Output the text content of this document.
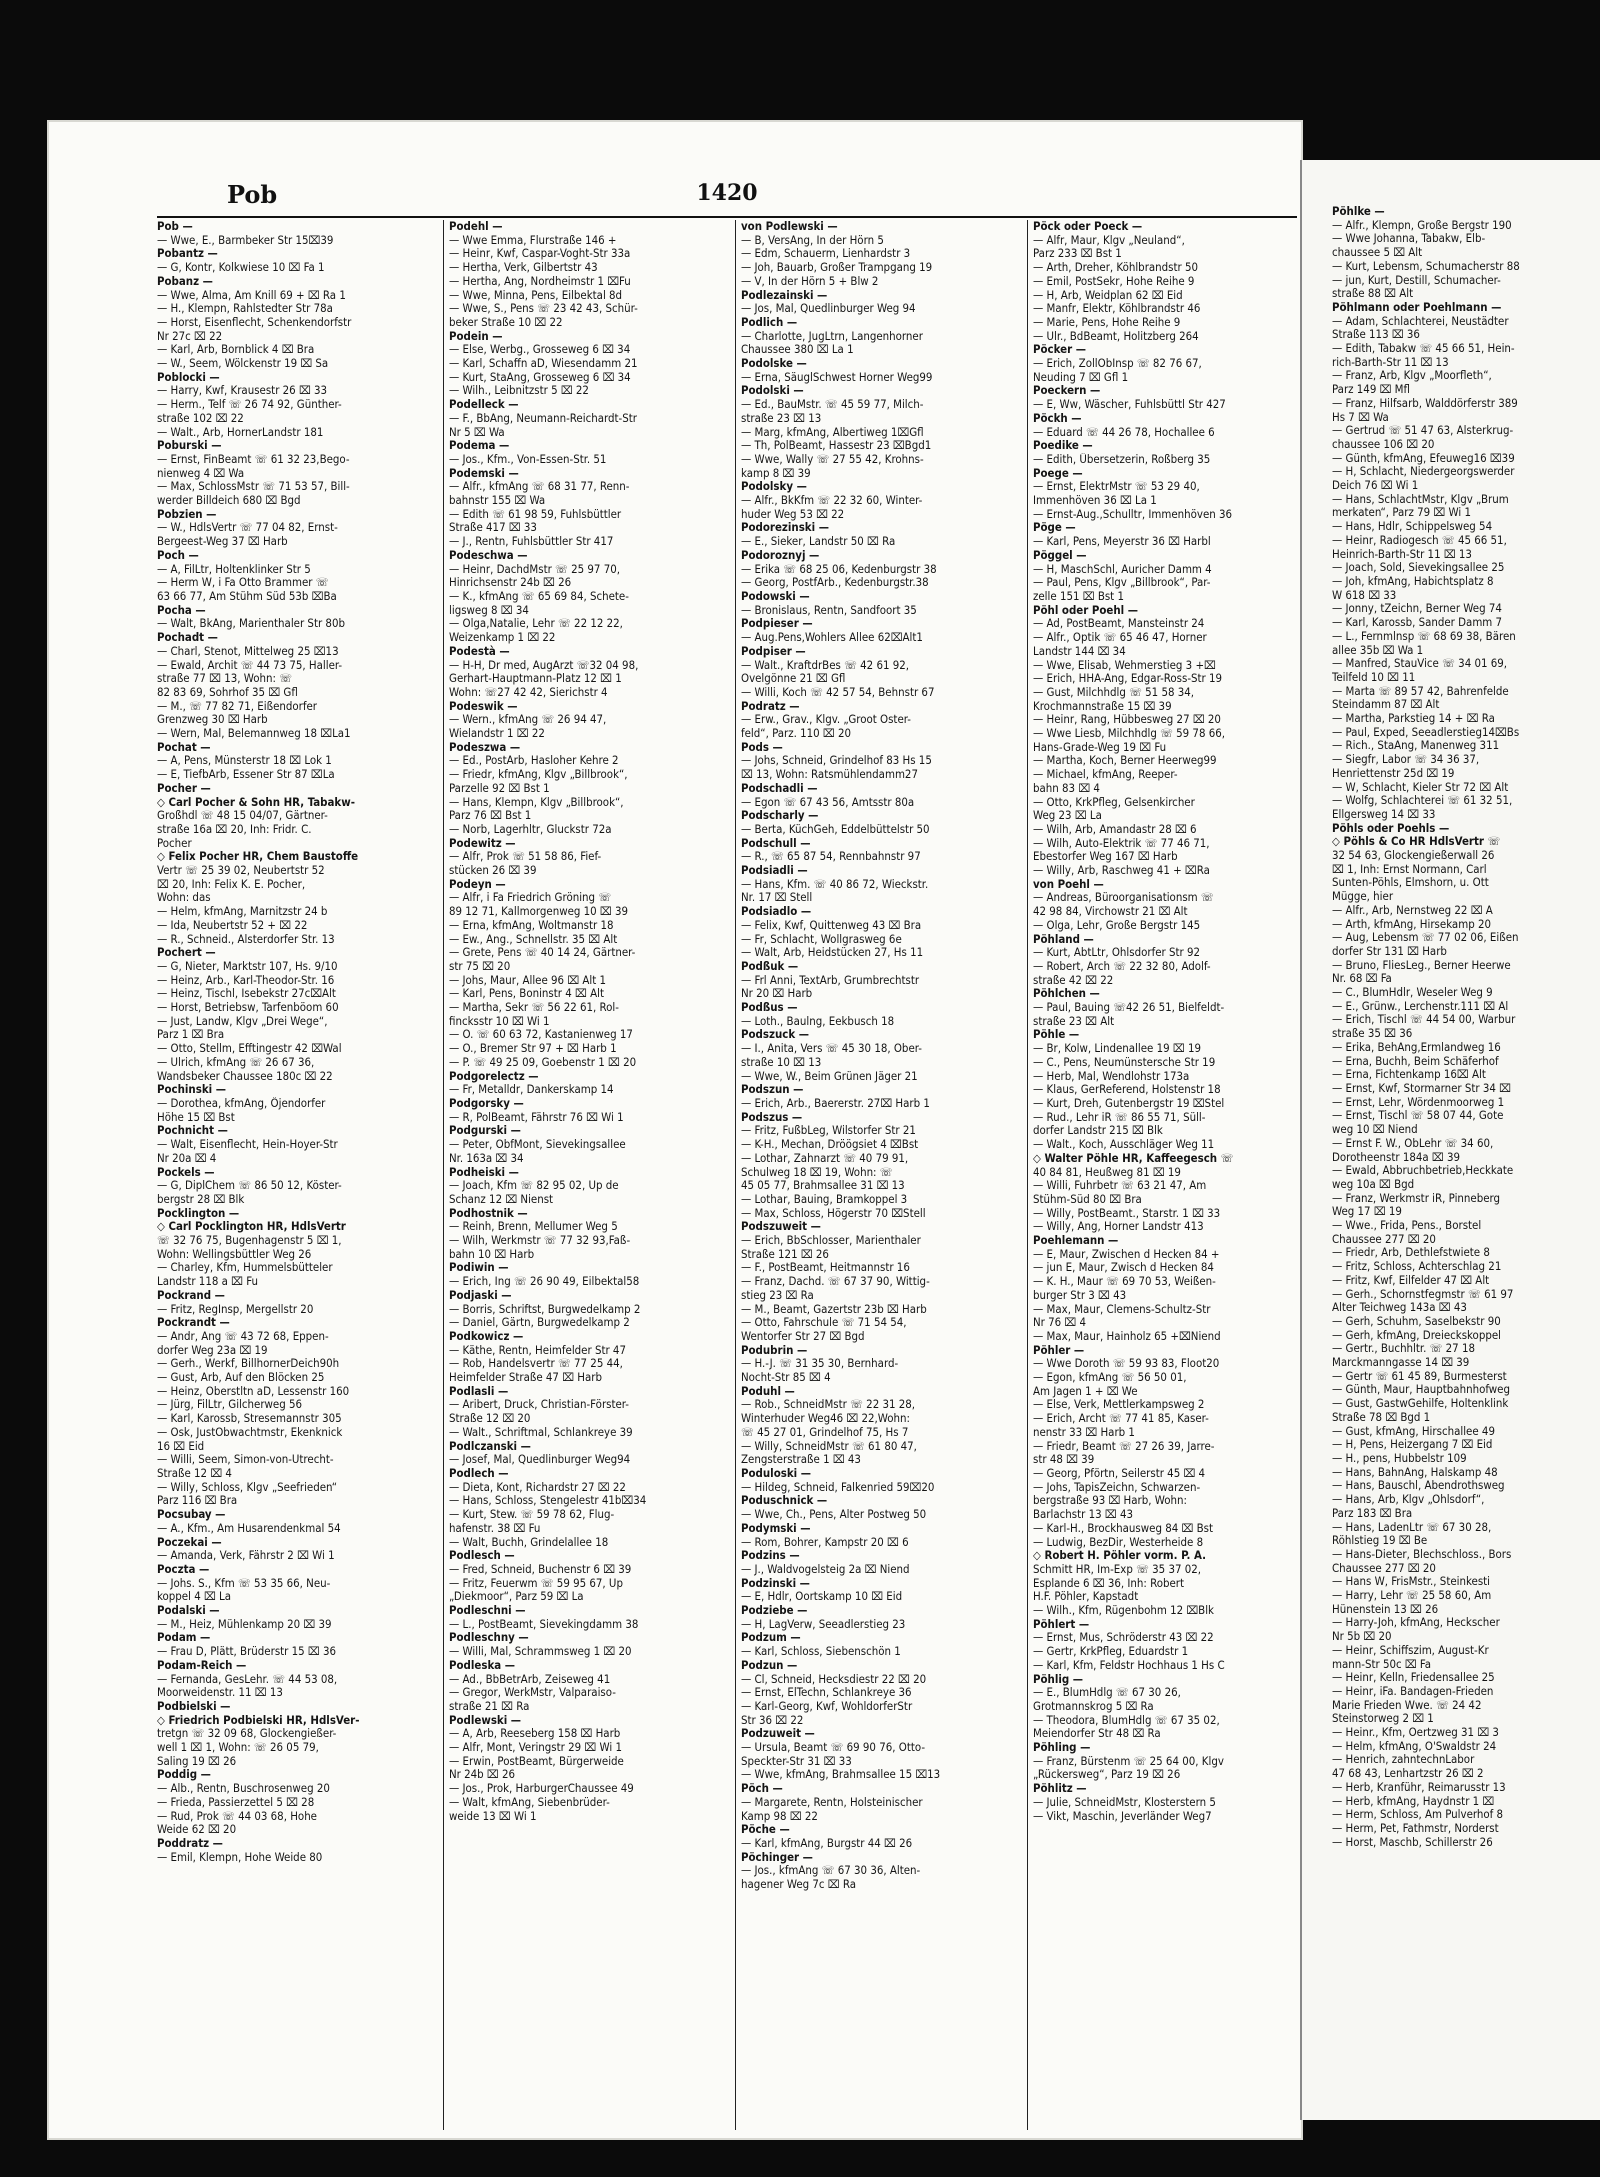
Pob	1420
Pob —
— Wwe, E., Barmbeker Str 15⌧39
Pobantz —
— G, Kontr, Kolkwiese 10 ⌧ Fa 1
Pobanz —
— Wwe, Alma, Am Knill 69 + ⌧ Ra 1
— H., Klempn, Rahlstedter Str 78a
— Horst, Eisenflecht, Schenkendorfstr
Nr 27c ⌧ 22
— Karl, Arb, Bornblick 4 ⌧ Bra
— W., Seem, Wölckenstr 19 ⌧ Sa
Poblocki —
— Harry, Kwf, Krausestr 26 ⌧ 33
— Herm., Telf ☏ 26 74 92, Günther-
straße 102 ⌧ 22
— Walt., Arb, HornerLandstr 181
Poburski —
— Ernst, FinBeamt ☏ 61 32 23,Bego-
nienweg 4 ⌧ Wa
— Max, SchlossMstr ☏ 71 53 57, Bill-
werder Billdeich 680 ⌧ Bgd
Pobzien —
— W., HdlsVertr ☏ 77 04 82, Ernst-
Bergeest-Weg 37 ⌧ Harb
Poch —
— A, FilLtr, Holtenklinker Str 5
— Herm W, i Fa Otto Brammer ☏
63 66 77, Am Stühm Süd 53b ⌧Ba
Pocha —
— Walt, BkAng, Marienthaler Str 80b
Pochadt —
— Charl, Stenot, Mittelweg 25 ⌧13
— Ewald, Archit ☏ 44 73 75, Haller-
straße 77 ⌧ 13, Wohn: ☏
82 83 69, Sohrhof 35 ⌧ Gfl
— M., ☏ 77 82 71, Eißendorfer
Grenzweg 30 ⌧ Harb
— Wern, Mal, Belemannweg 18 ⌧La1
Pochat —
— A, Pens, Münsterstr 18 ⌧ Lok 1
— E, TiefbArb, Essener Str 87 ⌧La
Pocher —
◇ Carl Pocher & Sohn HR, Tabakw-
Großhdl ☏ 48 15 04/07, Gärtner-
straße 16a ⌧ 20, Inh: Fridr. C.
Pocher
◇ Felix Pocher HR, Chem Baustoffe
Vertr ☏ 25 39 02, Neubertstr 52
⌧ 20, Inh: Felix K. E. Pocher,
Wohn: das
— Helm, kfmAng, Marnitzstr 24 b
— Ida, Neubertstr 52 + ⌧ 22
— R., Schneid., Alsterdorfer Str. 13
Pochert —
— G, Nieter, Marktstr 107, Hs. 9/10
— Heinz, Arb., Karl-Theodor-Str. 16
— Heinz, Tischl, Isebekstr 27c⌧Alt
— Horst, Betriebsw, Tarfenböom 60
— Just, Landw, Klgv „Drei Wege“,
Parz 1 ⌧ Bra
— Otto, Stellm, Efftingestr 42 ⌧Wal
— Ulrich, kfmAng ☏ 26 67 36,
Wandsbeker Chaussee 180c ⌧ 22
Pochinski —
— Dorothea, kfmAng, Öjendorfer
Höhe 15 ⌧ Bst
Pochnicht —
— Walt, Eisenflecht, Hein-Hoyer-Str
Nr 20a ⌧ 4
Pockels —
— G, DiplChem ☏ 86 50 12, Köster-
bergstr 28 ⌧ Blk
Pocklington —
◇ Carl Pocklington HR, HdlsVertr
☏ 32 76 75, Bugenhagenstr 5 ⌧ 1,
Wohn: Wellingsbüttler Weg 26
— Charley, Kfm, Hummelsbütteler
Landstr 118 a ⌧ Fu
Pockrand —
— Fritz, RegInsp, Mergellstr 20
Pockrandt —
— Andr, Ang ☏ 43 72 68, Eppen-
dorfer Weg 23a ⌧ 19
— Gerh., Werkf, BillhornerDeich90h
— Gust, Arb, Auf den Blöcken 25
— Heinz, Oberstltn aD, Lessenstr 160
— Jürg, FilLtr, Gilcherweg 56
— Karl, Karossb, Stresemannstr 305
— Osk, JustObwachtmstr, Ekenknick
16 ⌧ Eid
— Willi, Seem, Simon-von-Utrecht-
Straße 12 ⌧ 4
— Willy, Schloss, Klgv „Seefrieden“
Parz 116 ⌧ Bra
Pocsubay —
— A., Kfm., Am Husarendenkmal 54
Poczekai —
— Amanda, Verk, Fährstr 2 ⌧ Wi 1
Poczta —
— Johs. S., Kfm ☏ 53 35 66, Neu-
koppel 4 ⌧ La
Podalski —
— M., Heiz, Mühlenkamp 20 ⌧ 39
Podam —
— Frau D, Plätt, Brüderstr 15 ⌧ 36
Podam-Reich —
— Fernanda, GesLehr. ☏ 44 53 08,
Moorweidenstr. 11 ⌧ 13
Podbielski —
◇ Friedrich Podbielski HR, HdlsVer-
tretgn ☏ 32 09 68, Glockengießer-
well 1 ⌧ 1, Wohn: ☏ 26 05 79,
Saling 19 ⌧ 26
Poddig —
— Alb., Rentn, Buschrosenweg 20
— Frieda, Passierzettel 5 ⌧ 28
— Rud, Prok ☏ 44 03 68, Hohe
Weide 62 ⌧ 20
Poddratz —
— Emil, Klempn, Hohe Weide 80
Podehl —
— Wwe Emma, Flurstraße 146 +
— Heinr, Kwf, Caspar-Voght-Str 33a
— Hertha, Verk, Gilbertstr 43
— Hertha, Ang, Nordheimstr 1 ⌧Fu
— Wwe, Minna, Pens, Eilbektal 8d
— Wwe, S., Pens ☏ 23 42 43, Schür-
beker Straße 10 ⌧ 22
Podein —
— Else, Werbg., Grosseweg 6 ⌧ 34
— Karl, Schaffn aD, Wiesendamm 21
— Kurt, StaAng, Grosseweg 6 ⌧ 34
— Wilh., Leibnitzstr 5 ⌧ 22
Podelleck —
— F., BbAng, Neumann-Reichardt-Str
Nr 5 ⌧ Wa
Podema —
— Jos., Kfm., Von-Essen-Str. 51
Podemski —
— Alfr., kfmAng ☏ 68 31 77, Renn-
bahnstr 155 ⌧ Wa
— Edith ☏ 61 98 59, Fuhlsbüttler
Straße 417 ⌧ 33
— J., Rentn, Fuhlsbüttler Str 417
Podeschwa —
— Heinr, DachdMstr ☏ 25 97 70,
Hinrichsenstr 24b ⌧ 26
— K., kfmAng ☏ 65 69 84, Schete-
ligsweg 8 ⌧ 34
— Olga,Natalie, Lehr ☏ 22 12 22,
Weizenkamp 1 ⌧ 22
Podestà —
— H-H, Dr med, AugArzt ☏32 04 98,
Gerhart-Hauptmann-Platz 12 ⌧ 1
Wohn: ☏27 42 42, Sierichstr 4
Podeswik —
— Wern., kfmAng ☏ 26 94 47,
Wielandstr 1 ⌧ 22
Podeszwa —
— Ed., PostArb, Hasloher Kehre 2
— Friedr, kfmAng, Klgv „Billbrook“,
Parzelle 92 ⌧ Bst 1
— Hans, Klempn, Klgv „Billbrook“,
Parz 76 ⌧ Bst 1
— Norb, Lagerhltr, Gluckstr 72a
Podewitz —
— Alfr, Prok ☏ 51 58 86, Fief-
stücken 26 ⌧ 39
Podeyn —
— Alfr, i Fa Friedrich Gröning ☏
89 12 71, Kallmorgenweg 10 ⌧ 39
— Erna, kfmAng, Woltmanstr 18
— Ew., Ang., Schnellstr. 35 ⌧ Alt
— Grete, Pens ☏ 40 14 24, Gärtner-
str 75 ⌧ 20
— Johs, Maur, Allee 96 ⌧ Alt 1
— Karl, Pens, Boninstr 4 ⌧ Alt
— Martha, Sekr ☏ 56 22 61, Rol-
fincksstr 10 ⌧ Wi 1
— O. ☏ 60 63 72, Kastanienweg 17
— O., Bremer Str 97 + ⌧ Harb 1
— P. ☏ 49 25 09, Goebenstr 1 ⌧ 20
Podgorelectz —
— Fr, Metalldr, Dankerskamp 14
Podgorsky —
— R, PolBeamt, Fährstr 76 ⌧ Wi 1
Podgurski —
— Peter, ObfMont, Sievekingsallee
Nr. 163a ⌧ 34
Podheiski —
— Joach, Kfm ☏ 82 95 02, Up de
Schanz 12 ⌧ Nienst
Podhostnik —
— Reinh, Brenn, Mellumer Weg 5
— Wilh, Werkmstr ☏ 77 32 93,Faß-
bahn 10 ⌧ Harb
Podiwin —
— Erich, Ing ☏ 26 90 49, Eilbektal58
Podjaski —
— Borris, Schriftst, Burgwedelkamp 2
— Daniel, Gärtn, Burgwedelkamp 2
Podkowicz —
— Käthe, Rentn, Heimfelder Str 47
— Rob, Handelsvertr ☏ 77 25 44,
Heimfelder Straße 47 ⌧ Harb
Podlasli —
— Aribert, Druck, Christian-Förster-
Straße 12 ⌧ 20
— Walt., Schriftmal, Schlankreye 39
Podlczanski —
— Josef, Mal, Quedlinburger Weg94
Podlech —
— Dieta, Kont, Richardstr 27 ⌧ 22
— Hans, Schloss, Stengelestr 41b⌧34
— Kurt, Stew. ☏ 59 78 62, Flug-
hafenstr. 38 ⌧ Fu
— Walt, Buchh, Grindelallee 18
Podlesch —
— Fred, Schneid, Buchenstr 6 ⌧ 39
— Fritz, Feuerwm ☏ 59 95 67, Up
„Diekmoor“, Parz 59 ⌧ La
Podleschni —
— L., PostBeamt, Sievekingdamm 38
Podleschny —
— Willi, Mal, Schrammsweg 1 ⌧ 20
Podleska —
— Ad., BbBetrArb, Zeiseweg 41
— Gregor, WerkMstr, Valparaiso-
straße 21 ⌧ Ra
Podlewski —
— A, Arb, Reeseberg 158 ⌧ Harb
— Alfr, Mont, Veringstr 29 ⌧ Wi 1
— Erwin, PostBeamt, Bürgerweide
Nr 24b ⌧ 26
— Jos., Prok, HarburgerChaussee 49
— Walt, kfmAng, Siebenbrüder-
weide 13 ⌧ Wi 1
von Podlewski —
— B, VersAng, In der Hörn 5
— Edm, Schauerm, Lienhardstr 3
— Joh, Bauarb, Großer Trampgang 19
— V, In der Hörn 5 + Blw 2
Podlezainski —
— Jos, Mal, Quedlinburger Weg 94
Podlich —
— Charlotte, JugLtrn, Langenhorner
Chaussee 380 ⌧ La 1
Podolske —
— Erna, SäuglSchwest Horner Weg99
Podolski —
— Ed., BauMstr. ☏ 45 59 77, Milch-
straße 23 ⌧ 13
— Marg, kfmAng, Albertiweg 1⌧Gfl
— Th, PolBeamt, Hassestr 23 ⌧Bgd1
— Wwe, Wally ☏ 27 55 42, Krohns-
kamp 8 ⌧ 39
Podolsky —
— Alfr., BkKfm ☏ 22 32 60, Winter-
huder Weg 53 ⌧ 22
Podorezinski —
— E., Sieker, Landstr 50 ⌧ Ra
Podoroznyj —
— Erika ☏ 68 25 06, Kedenburgstr 38
— Georg, PostfArb., Kedenburgstr.38
Podowski —
— Bronislaus, Rentn, Sandfoort 35
Podpieser —
— Aug.Pens,Wohlers Allee 62⌧Alt1
Podpiser —
— Walt., KraftdrBes ☏ 42 61 92,
Ovelgönne 21 ⌧ Gfl
— Willi, Koch ☏ 42 57 54, Behnstr 67
Podratz —
— Erw., Grav., Klgv. „Groot Oster-
feld“, Parz. 110 ⌧ 20
Pods —
— Johs, Schneid, Grindelhof 83 Hs 15
⌧ 13, Wohn: Ratsmühlendamm27
Podschadli —
— Egon ☏ 67 43 56, Amtsstr 80a
Podscharly —
— Berta, KüchGeh, Eddelbüttelstr 50
Podschull —
— R., ☏ 65 87 54, Rennbahnstr 97
Podsiadli —
— Hans, Kfm. ☏ 40 86 72, Wieckstr.
Nr. 17 ⌧ Stell
Podsiadlo —
— Felix, Kwf, Quittenweg 43 ⌧ Bra
— Fr, Schlacht, Wollgrasweg 6e
— Walt, Arb, Heidstücken 27, Hs 11
Podßuk —
— Frl Anni, TextArb, Grumbrechtstr
Nr 20 ⌧ Harb
Podßus —
— Loth., Baulng, Eekbusch 18
Podszuck —
— I., Anita, Vers ☏ 45 30 18, Ober-
straße 10 ⌧ 13
— Wwe, W., Beim Grünen Jäger 21
Podszun —
— Erich, Arb., Baererstr. 27⌧ Harb 1
Podszus —
— Fritz, FußbLeg, Wilstorfer Str 21
— K-H., Mechan, Dröögsiet 4 ⌧Bst
— Lothar, Zahnarzt ☏ 40 79 91,
Schulweg 18 ⌧ 19, Wohn: ☏
45 05 77, Brahmsallee 31 ⌧ 13
— Lothar, Bauing, Bramkoppel 3
— Max, Schloss, Högerstr 70 ⌧Stell
Podszuweit —
— Erich, BbSchlosser, Marienthaler
Straße 121 ⌧ 26
— F., PostBeamt, Heitmannstr 16
— Franz, Dachd. ☏ 67 37 90, Wittig-
stieg 23 ⌧ Ra
— M., Beamt, Gazertstr 23b ⌧ Harb
— Otto, Fahrschule ☏ 71 54 54,
Wentorfer Str 27 ⌧ Bgd
Podubrin —
— H.-J. ☏ 31 35 30, Bernhard-
Nocht-Str 85 ⌧ 4
Poduhl —
— Rob., SchneidMstr ☏ 22 31 28,
Winterhuder Weg46 ⌧ 22,Wohn:
☏ 45 27 01, Grindelhof 75, Hs 7
— Willy, SchneidMstr ☏ 61 80 47,
Zengsterstraße 1 ⌧ 43
Poduloski —
— Hildeg, Schneid, Falkenried 59⌧20
Poduschnick —
— Wwe, Ch., Pens, Alter Postweg 50
Podymski —
— Rom, Bohrer, Kampstr 20 ⌧ 6
Podzins —
— J., Waldvogelsteig 2a ⌧ Niend
Podzinski —
— E, Hdlr, Oortskamp 10 ⌧ Eid
Podziebe —
— H, LagVerw, Seeadlerstieg 23
Podzum —
— Karl, Schloss, Siebenschön 1
Podzun —
— Cl, Schneid, Hecksdiestr 22 ⌧ 20
— Ernst, ElTechn, Schlankreye 36
— Karl-Georg, Kwf, WohldorferStr
Str 36 ⌧ 22
Podzuweit —
— Ursula, Beamt ☏ 69 90 76, Otto-
Speckter-Str 31 ⌧ 33
— Wwe, kfmAng, Brahmsallee 15 ⌧13
Pöch —
— Margarete, Rentn, Holsteinischer
Kamp 98 ⌧ 22
Pöche —
— Karl, kfmAng, Burgstr 44 ⌧ 26
Pöchinger —
— Jos., kfmAng ☏ 67 30 36, Alten-
hagener Weg 7c ⌧ Ra
Pöck oder Poeck —
— Alfr, Maur, Klgv „Neuland“,
Parz 233 ⌧ Bst 1
— Arth, Dreher, Köhlbrandstr 50
— Emil, PostSekr, Hohe Reihe 9
— H, Arb, Weidplan 62 ⌧ Eid
— Manfr, Elektr, Köhlbrandstr 46
— Marie, Pens, Hohe Reihe 9
— Ulr., BdBeamt, Holitzberg 264
Pöcker —
— Erich, ZollObInsp ☏ 82 76 67,
Neuding 7 ⌧ Gfl 1
Poeckern —
— E, Ww, Wäscher, Fuhlsbüttl Str 427
Pöckh —
— Eduard ☏ 44 26 78, Hochallee 6
Poedike —
— Edith, Übersetzerin, Roßberg 35
Poege —
— Ernst, ElektrMstr ☏ 53 29 40,
Immenhöven 36 ⌧ La 1
— Ernst-Aug.,Schulltr, Immenhöven 36
Pöge —
— Karl, Pens, Meyerstr 36 ⌧ Harbl
Pöggel —
— H, MaschSchl, Auricher Damm 4
— Paul, Pens, Klgv „Billbrook“, Par-
zelle 151 ⌧ Bst 1
Pöhl oder Poehl —
— Ad, PostBeamt, Mansteinstr 24
— Alfr., Optik ☏ 65 46 47, Horner
Landstr 144 ⌧ 34
— Wwe, Elisab, Wehmerstieg 3 +⌧
— Erich, HHA-Ang, Edgar-Ross-Str 19
— Gust, Milchhdlg ☏ 51 58 34,
Krochmannstraße 15 ⌧ 39
— Heinr, Rang, Hübbesweg 27 ⌧ 20
— Wwe Liesb, Milchhdlg ☏ 59 78 66,
Hans-Grade-Weg 19 ⌧ Fu
— Martha, Koch, Berner Heerweg99
— Michael, kfmAng, Reeper-
bahn 83 ⌧ 4
— Otto, KrkPfleg, Gelsenkircher
Weg 23 ⌧ La
— Wilh, Arb, Amandastr 28 ⌧ 6
— Wilh, Auto-Elektrik ☏ 77 46 71,
Ebestorfer Weg 167 ⌧ Harb
— Willy, Arb, Raschweg 41 + ⌧Ra
von Poehl —
— Andreas, Büroorganisationsm ☏
42 98 84, Virchowstr 21 ⌧ Alt
— Olga, Lehr, Große Bergstr 145
Pöhland —
— Kurt, AbtLtr, Ohlsdorfer Str 92
— Robert, Arch ☏ 22 32 80, Adolf-
straße 42 ⌧ 22
Pöhlchen —
— Paul, Bauing ☏42 26 51, Bielfeldt-
straße 23 ⌧ Alt
Pöhle —
— Br, Kolw, Lindenallee 19 ⌧ 19
— C., Pens, Neumünstersche Str 19
— Herb, Mal, Wendlohstr 173a
— Klaus, GerReferend, Holstenstr 18
— Kurt, Dreh, Gutenbergstr 19 ⌧Stel
— Rud., Lehr iR ☏ 86 55 71, Süll-
dorfer Landstr 215 ⌧ Blk
— Walt., Koch, Ausschläger Weg 11
◇ Walter Pöhle HR, Kaffeegesch ☏
40 84 81, Heußweg 81 ⌧ 19
— Willi, Fuhrbetr ☏ 63 21 47, Am
Stühm-Süd 80 ⌧ Bra
— Willy, PostBeamt., Starstr. 1 ⌧ 33
— Willy, Ang, Horner Landstr 413
Poehlemann —
— E, Maur, Zwischen d Hecken 84 +
— jun E, Maur, Zwisch d Hecken 84
— K. H., Maur ☏ 69 70 53, Weißen-
burger Str 3 ⌧ 43
— Max, Maur, Clemens-Schultz-Str
Nr 76 ⌧ 4
— Max, Maur, Hainholz 65 +⌧Niend
Pöhler —
— Wwe Doroth ☏ 59 93 83, Floot20
— Egon, kfmAng ☏ 56 50 01,
Am Jagen 1 + ⌧ We
— Else, Verk, Mettlerkampsweg 2
— Erich, Archt ☏ 77 41 85, Kaser-
nenstr 33 ⌧ Harb 1
— Friedr, Beamt ☏ 27 26 39, Jarre-
str 48 ⌧ 39
— Georg, Pförtn, Seilerstr 45 ⌧ 4
— Johs, TapisZeichn, Schwarzen-
bergstraße 93 ⌧ Harb, Wohn:
Barlachstr 13 ⌧ 43
— Karl-H., Brockhausweg 84 ⌧ Bst
— Ludwig, BezDir, Westerheide 8
◇ Robert H. Pöhler vorm. P. A.
Schmitt HR, Im-Exp ☏ 35 37 02,
Esplande 6 ⌧ 36, Inh: Robert
H.F. Pöhler, Kapstadt
— Wilh., Kfm, Rügenbohm 12 ⌧Blk
Pöhlert —
— Ernst, Mus, Schröderstr 43 ⌧ 22
— Gertr, KrkPfleg, Eduardstr 1
— Karl, Kfm, Feldstr Hochhaus 1 Hs C
Pöhlig —
— E., BlumHdlg ☏ 67 30 26,
Grotmannskrog 5 ⌧ Ra
— Theodora, BlumHdlg ☏ 67 35 02,
Meiendorfer Str 48 ⌧ Ra
Pöhling —
— Franz, Bürstenm ☏ 25 64 00, Klgv
„Rückersweg“, Parz 19 ⌧ 26
Pöhlitz —
— Julie, SchneidMstr, Klosterstern 5
— Vikt, Maschin, Jeverländer Weg7
Pöhlke —
— Alfr., Klempn, Große Bergstr 190
— Wwe Johanna, Tabakw, Elb-
chaussee 5 ⌧ Alt
— Kurt, Lebensm, Schumacherstr 88
— jun, Kurt, Destill, Schumacher-
straße 88 ⌧ Alt
Pöhlmann oder Poehlmann —
— Adam, Schlachterei, Neustädter
Straße 113 ⌧ 36
— Edith, Tabakw ☏ 45 66 51, Hein-
rich-Barth-Str 11 ⌧ 13
— Franz, Arb, Klgv „Moorfleth“,
Parz 149 ⌧ Mfl
— Franz, Hilfsarb, Walddörferstr 389
Hs 7 ⌧ Wa
— Gertrud ☏ 51 47 63, Alsterkrug-
chaussee 106 ⌧ 20
— Günth, kfmAng, Efeuweg16 ⌧39
— H, Schlacht, Niedergeorgswerder
Deich 76 ⌧ Wi 1
— Hans, SchlachtMstr, Klgv „Brum
merkaten“, Parz 79 ⌧ Wi 1
— Hans, Hdlr, Schippelsweg 54
— Heinr, Radiogesch ☏ 45 66 51,
Heinrich-Barth-Str 11 ⌧ 13
— Joach, Sold, Sievekingsallee 25
— Joh, kfmAng, Habichtsplatz 8
W 618 ⌧ 33
— Jonny, tZeichn, Berner Weg 74
— Karl, Karossb, Sander Damm 7
— L., Fernmlnsp ☏ 68 69 38, Bären
allee 35b ⌧ Wa 1
— Manfred, StauVice ☏ 34 01 69,
Teilfeld 10 ⌧ 11
— Marta ☏ 89 57 42, Bahrenfelde
Steindamm 87 ⌧ Alt
— Martha, Parkstieg 14 + ⌧ Ra
— Paul, Exped, Seeadlerstieg14⌧Bs
— Rich., StaAng, Manenweg 311
— Siegfr, Labor ☏ 34 36 37,
Henriettenstr 25d ⌧ 19
— W, Schlacht, Kieler Str 72 ⌧ Alt
— Wolfg, Schlachterei ☏ 61 32 51,
Ellgersweg 14 ⌧ 33
Pöhls oder Poehls —
◇ Pöhls & Co HR HdlsVertr ☏
32 54 63, Glockengießerwall 26
⌧ 1, Inh: Ernst Normann, Carl
Sunten-Pöhls, Elmshorn, u. Ott
Mügge, hier
— Alfr., Arb, Nernstweg 22 ⌧ A
— Arth, kfmAng, Hirsekamp 20
— Aug, Lebensm ☏ 77 02 06, Eißen
dorfer Str 131 ⌧ Harb
— Bruno, FliesLeg., Berner Heerwe
Nr. 68 ⌧ Fa
— C., BlumHdlr, Weseler Weg 9
— E., Grünw., Lerchenstr.111 ⌧ Al
— Erich, Tischl ☏ 44 54 00, Warbur
straße 35 ⌧ 36
— Erika, BehAng,Ermlandweg 16
— Erna, Buchh, Beim Schäferhof
— Erna, Fichtenkamp 16⌧ Alt
— Ernst, Kwf, Stormarner Str 34 ⌧
— Ernst, Lehr, Wördenmoorweg 1
— Ernst, Tischl ☏ 58 07 44, Gote
weg 10 ⌧ Niend
— Ernst F. W., ObLehr ☏ 34 60,
Dorotheenstr 184a ⌧ 39
— Ewald, Abbruchbetrieb,Heckkate
weg 10a ⌧ Bgd
— Franz, Werkmstr iR, Pinneberg
Weg 17 ⌧ 19
— Wwe., Frida, Pens., Borstel
Chaussee 277 ⌧ 20
— Friedr, Arb, Dethlefstwiete 8
— Fritz, Schloss, Achterschlag 21
— Fritz, Kwf, Eilfelder 47 ⌧ Alt
— Gerh., Schornstfegmstr ☏ 61 97
Alter Teichweg 143a ⌧ 43
— Gerh, Schuhm, Saselbekstr 90
— Gerh, kfmAng, Dreieckskoppel
— Gertr., Buchhltr. ☏ 27 18
Marckmanngasse 14 ⌧ 39
— Gertr ☏ 61 45 89, Burmesterst
— Günth, Maur, Hauptbahnhofweg
— Gust, GastwGehilfe, Holtenklink
Straße 78 ⌧ Bgd 1
— Gust, kfmAng, Hirschallee 49
— H, Pens, Heizergang 7 ⌧ Eid
— H., pens, Hubbelstr 109
— Hans, BahnAng, Halskamp 48
— Hans, Bauschl, Abendrothsweg
— Hans, Arb, Klgv „Ohlsdorf“,
Parz 183 ⌧ Bra
— Hans, LadenLtr ☏ 67 30 28,
Röhlstieg 19 ⌧ Be
— Hans-Dieter, Blechschloss., Bors
Chaussee 277 ⌧ 20
— Hans W, FrisMstr., Steinkesti
— Harry, Lehr ☏ 25 58 60, Am
Hünenstein 13 ⌧ 26
— Harry-Joh, kfmAng, Heckscher
Nr 5b ⌧ 20
— Heinr, Schiffszim, August-Kr
mann-Str 50c ⌧ Fa
— Heinr, Kelln, Friedensallee 25
— Heinr, iFa. Bandagen-Frieden
Marie Frieden Wwe. ☏ 24 42
Steinstorweg 2 ⌧ 1
— Heinr., Kfm, Oertzweg 31 ⌧ 3
— Helm, kfmAng, O'Swaldstr 24
— Henrich, zahntechnLabor
47 68 43, Lenhartzstr 26 ⌧ 2
— Herb, Kranführ, Reimarusstr 13
— Herb, kfmAng, Haydnstr 1 ⌧
— Herm, Schloss, Am Pulverhof 8
— Herm, Pet, Fathmstr, Norderst
— Horst, Maschb, Schillerstr 26
